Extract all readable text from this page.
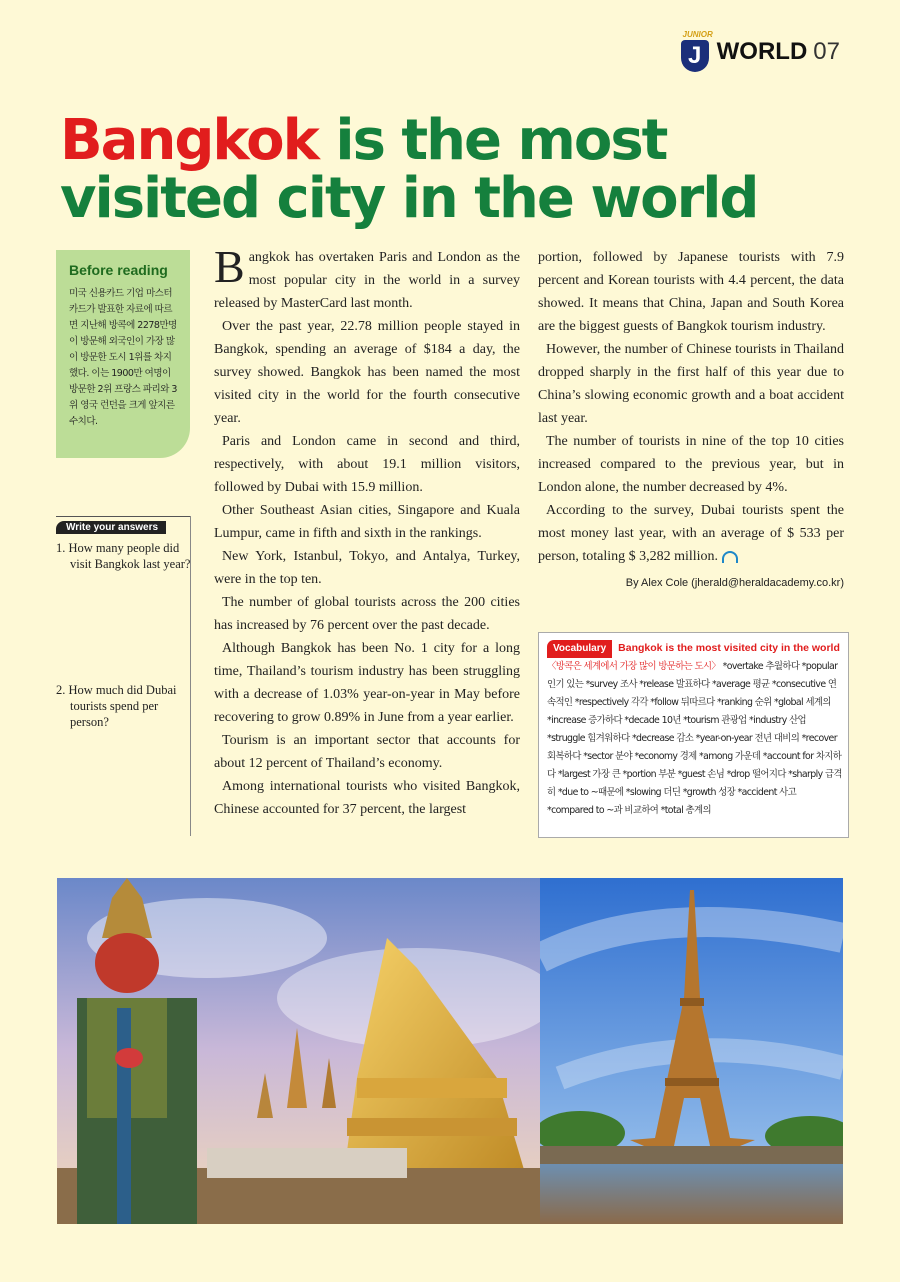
JUNIOR
J WORLD 07
Bangkok is the most visited city in the world
Before reading
미국 신용카드 기업 마스터카드가 발표한 자료에 따르면 지난해 방콕에 2278만명이 방문해 외국인이 가장 많이 방문한 도시 1위를 차지했다. 이는 1900만 여명이 방문한 2위 프랑스 파리와 3위 영국 런던을 크게 앞지른 수치다.
Write your answers
1. How many people did visit Bangkok last year?
2. How much did Dubai tourists spend per person?

Bangkok has overtaken Paris and London as the most popular city in the world in a survey released by MasterCard last month.

Over the past year, 22.78 million people stayed in Bangkok, spending an average of $184 a day, the survey showed. Bangkok has been named the most visited city in the world for the fourth consecutive year.

Paris and London came in second and third, respectively, with about 19.1 million visitors, followed by Dubai with 15.9 million.

Other Southeast Asian cities, Singapore and Kuala Lumpur, came in fifth and sixth in the rankings.

New York, Istanbul, Tokyo, and Antalya, Turkey, were in the top ten.

The number of global tourists across the 200 cities has increased by 76 percent over the past decade.

Although Bangkok has been No. 1 city for a long time, Thailand’s tourism industry has been struggling with a decrease of 1.03% year-on-year in May before recovering to grow 0.89% in June from a year earlier.

Tourism is an important sector that accounts for about 12 percent of Thailand’s economy.

Among international tourists who visited Bangkok, Chinese accounted for 37 percent, the largest

portion, followed by Japanese tourists with 7.9 percent and Korean tourists with 4.4 percent, the data showed. It means that China, Japan and South Korea are the biggest guests of Bangkok tourism industry.

However, the number of Chinese tourists in Thailand dropped sharply in the first half of this year due to China’s slowing economic growth and a boat accident last year.

The number of tourists in nine of the top 10 cities increased compared to the previous year, but in London alone, the number decreased by 4%.

According to the survey, Dubai tourists spent the most money last year, with an average of $ 533 per person, totaling $ 3,282 million.

By Alex Cole (jherald@heraldacademy.co.kr)
Vocabulary Bangkok is the most visited city in the world
〈방콕은 세계에서 가장 많이 방문하는 도시〉 *overtake 추월하다 *popular 인기 있는 *survey 조사 *release 발표하다 *average 평균 *consecutive 연속적인 *respectively 각각 *follow 뒤따르다 *ranking 순위 *global 세계의 *increase 증가하다 *decade 10년 *tourism 관광업 *industry 산업 *struggle 힘겨워하다 *decrease 감소 *year-on-year 전년 대비의 *recover 회복하다 *sector 분야 *economy 경제 *among 가운데 *account for 차지하다 *largest 가장 큰 *portion 부분 *guest 손님 *drop 떨어지다 *sharply 급격히 *due to ~때문에 *slowing 더딘 *growth 성장 *accident 사고 *compared to ~과 비교하여 *total 총계의
